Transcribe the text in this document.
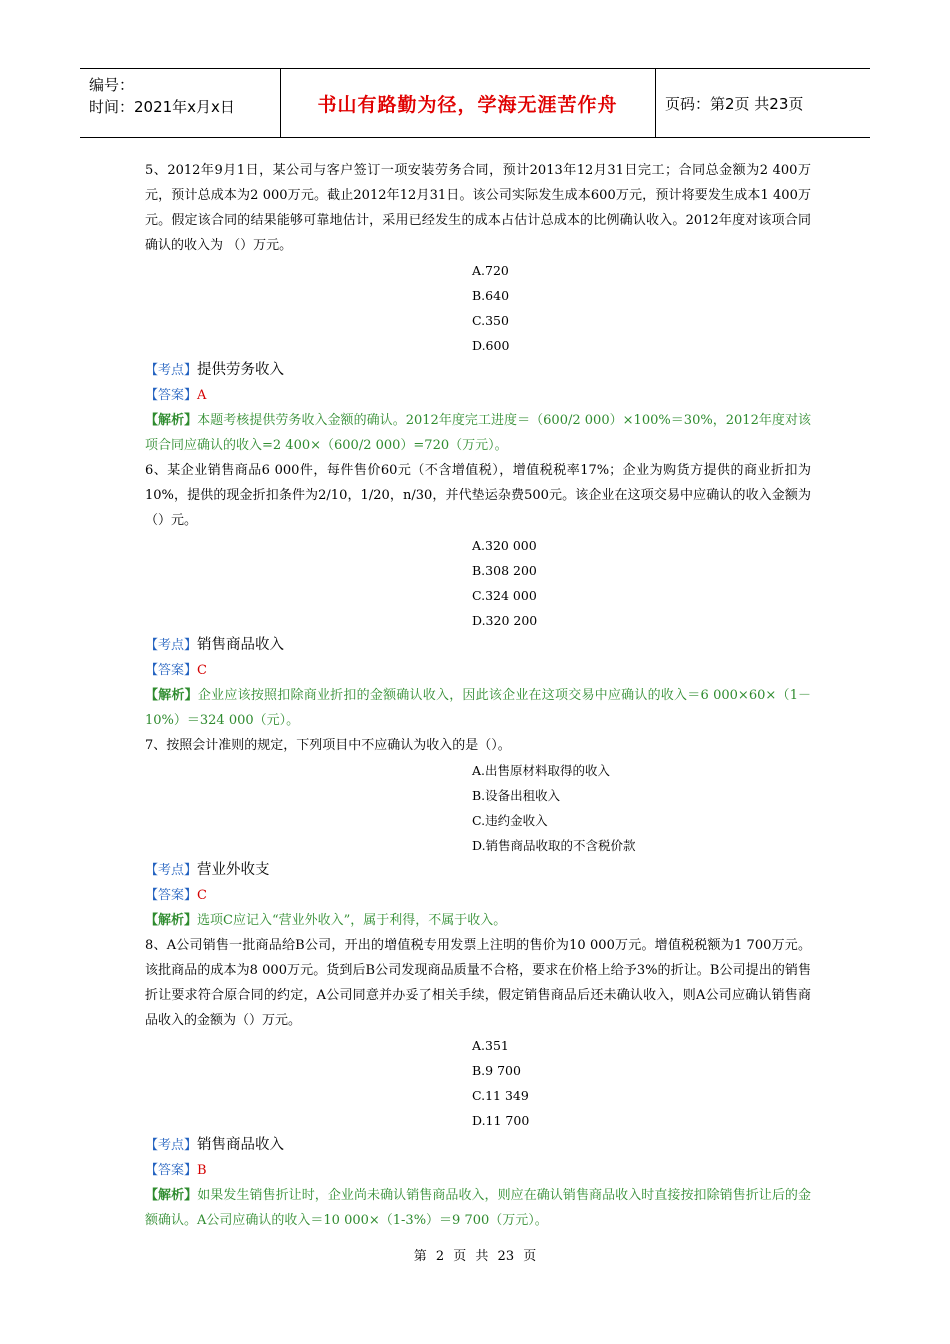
编号：
时间：2021年x月x日	书山有路勤为径，学海无涯苦作舟	页码：第2页 共23页

5、2012年9月1日，某公司与客户签订一项安装劳务合同，预计2013年12月31日完工；合同总金额为2 400万元，预计总成本为2 000万元。截止2012年12月31日。该公司实际发生成本600万元，预计将要发生成本1 400万元。假定该合同的结果能够可靠地估计，采用已经发生的成本占估计总成本的比例确认收入。2012年度对该项合同确认的收入为 （）万元。

A.720
B.640
C.350
D.600
【考点】提供劳务收入
【答案】A

【解析】本题考核提供劳务收入金额的确认。2012年度完工进度＝（600/2 000）×100%＝30%，2012年度对该项合同应确认的收入=2 400×（600/2 000）=720（万元）。

6、某企业销售商品6 000件，每件售价60元（不含增值税），增值税税率17%；企业为购货方提供的商业折扣为10%，提供的现金折扣条件为2/10，1/20，n/30，并代垫运杂费500元。该企业在这项交易中应确认的收入金额为（）元。

A.320 000
B.308 200
C.324 000
D.320 200
【考点】销售商品收入
【答案】C

【解析】企业应该按照扣除商业折扣的金额确认收入，因此该企业在这项交易中应确认的收入＝6 000×60×（1－10%）＝324 000（元）。

7、按照会计准则的规定，下列项目中不应确认为收入的是（）。

A.出售原材料取得的收入
B.设备出租收入
C.违约金收入
D.销售商品收取的不含税价款
【考点】营业外收支
【答案】C

【解析】选项C应记入“营业外收入”，属于利得，不属于收入。

8、A公司销售一批商品给B公司，开出的增值税专用发票上注明的售价为10 000万元。增值税税额为1 700万元。该批商品的成本为8 000万元。货到后B公司发现商品质量不合格，要求在价格上给予3%的折让。B公司提出的销售折让要求符合原合同的约定，A公司同意并办妥了相关手续，假定销售商品后还未确认收入，则A公司应确认销售商品收入的金额为（）万元。

A.351
B.9 700
C.11 349
D.11 700
【考点】销售商品收入
【答案】B

【解析】如果发生销售折让时，企业尚未确认销售商品收入，则应在确认销售商品收入时直接按扣除销售折让后的金额确认。A公司应确认的收入＝10 000×（1-3%）＝9 700（万元）。

第 2 页 共 23 页
